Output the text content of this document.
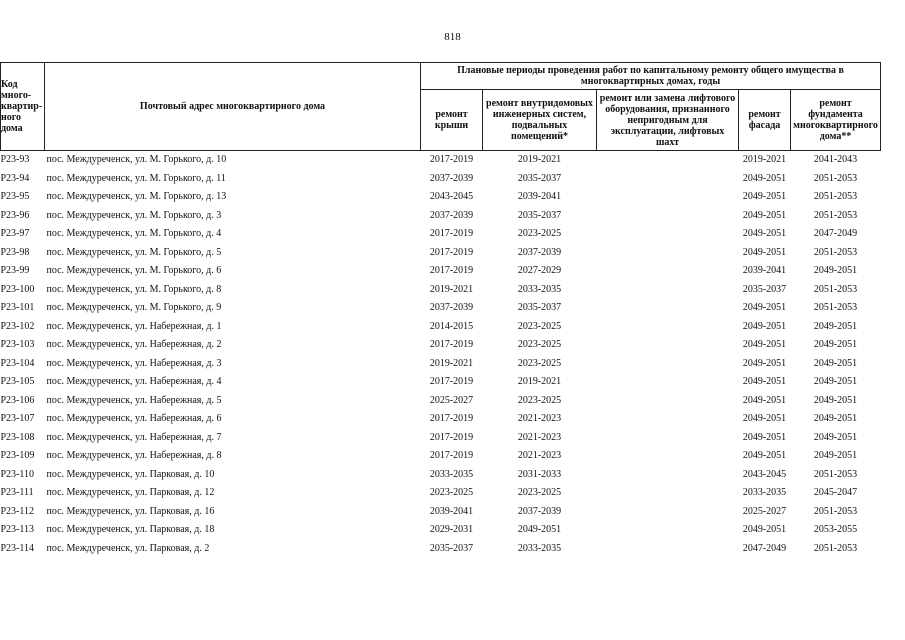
818
Код
много-
квартир-
ного
дома	Почтовый адрес многоквартирного дома	Плановые периоды проведения работ по капитальному ремонту общего имущества в многоквартирных домах, годы				
		ремонт крыши	ремонт внутридомовых инженерных систем, подвальных помещений*	ремонт или замена лифтового оборудования, признанного непригодным для эксплуатации, лифтовых шахт	ремонт фасада	ремонт фундамента многоквартирного дома**
Р23-93	пос. Междуреченск, ул. М. Горького, д. 10	2017-2019	2019-2021		2019-2021	2041-2043
Р23-94	пос. Междуреченск, ул. М. Горького, д. 11	2037-2039	2035-2037		2049-2051	2051-2053
Р23-95	пос. Междуреченск, ул. М. Горького, д. 13	2043-2045	2039-2041		2049-2051	2051-2053
Р23-96	пос. Междуреченск, ул. М. Горького, д. 3	2037-2039	2035-2037		2049-2051	2051-2053
Р23-97	пос. Междуреченск, ул. М. Горького, д. 4	2017-2019	2023-2025		2049-2051	2047-2049
Р23-98	пос. Междуреченск, ул. М. Горького, д. 5	2017-2019	2037-2039		2049-2051	2051-2053
Р23-99	пос. Междуреченск, ул. М. Горького, д. 6	2017-2019	2027-2029		2039-2041	2049-2051
Р23-100	пос. Междуреченск, ул. М. Горького, д. 8	2019-2021	2033-2035		2035-2037	2051-2053
Р23-101	пос. Междуреченск, ул. М. Горького, д. 9	2037-2039	2035-2037		2049-2051	2051-2053
Р23-102	пос. Междуреченск, ул. Набережная, д. 1	2014-2015	2023-2025		2049-2051	2049-2051
Р23-103	пос. Междуреченск, ул. Набережная, д. 2	2017-2019	2023-2025		2049-2051	2049-2051
Р23-104	пос. Междуреченск, ул. Набережная, д. 3	2019-2021	2023-2025		2049-2051	2049-2051
Р23-105	пос. Междуреченск, ул. Набережная, д. 4	2017-2019	2019-2021		2049-2051	2049-2051
Р23-106	пос. Междуреченск, ул. Набережная, д. 5	2025-2027	2023-2025		2049-2051	2049-2051
Р23-107	пос. Междуреченск, ул. Набережная, д. 6	2017-2019	2021-2023		2049-2051	2049-2051
Р23-108	пос. Междуреченск, ул. Набережная, д. 7	2017-2019	2021-2023		2049-2051	2049-2051
Р23-109	пос. Междуреченск, ул. Набережная, д. 8	2017-2019	2021-2023		2049-2051	2049-2051
Р23-110	пос. Междуреченск, ул. Парковая, д. 10	2033-2035	2031-2033		2043-2045	2051-2053
Р23-111	пос. Междуреченск, ул. Парковая, д. 12	2023-2025	2023-2025		2033-2035	2045-2047
Р23-112	пос. Междуреченск, ул. Парковая, д. 16	2039-2041	2037-2039		2025-2027	2051-2053
Р23-113	пос. Междуреченск, ул. Парковая, д. 18	2029-2031	2049-2051		2049-2051	2053-2055
Р23-114	пос. Междуреченск, ул. Парковая, д. 2	2035-2037	2033-2035		2047-2049	2051-2053
